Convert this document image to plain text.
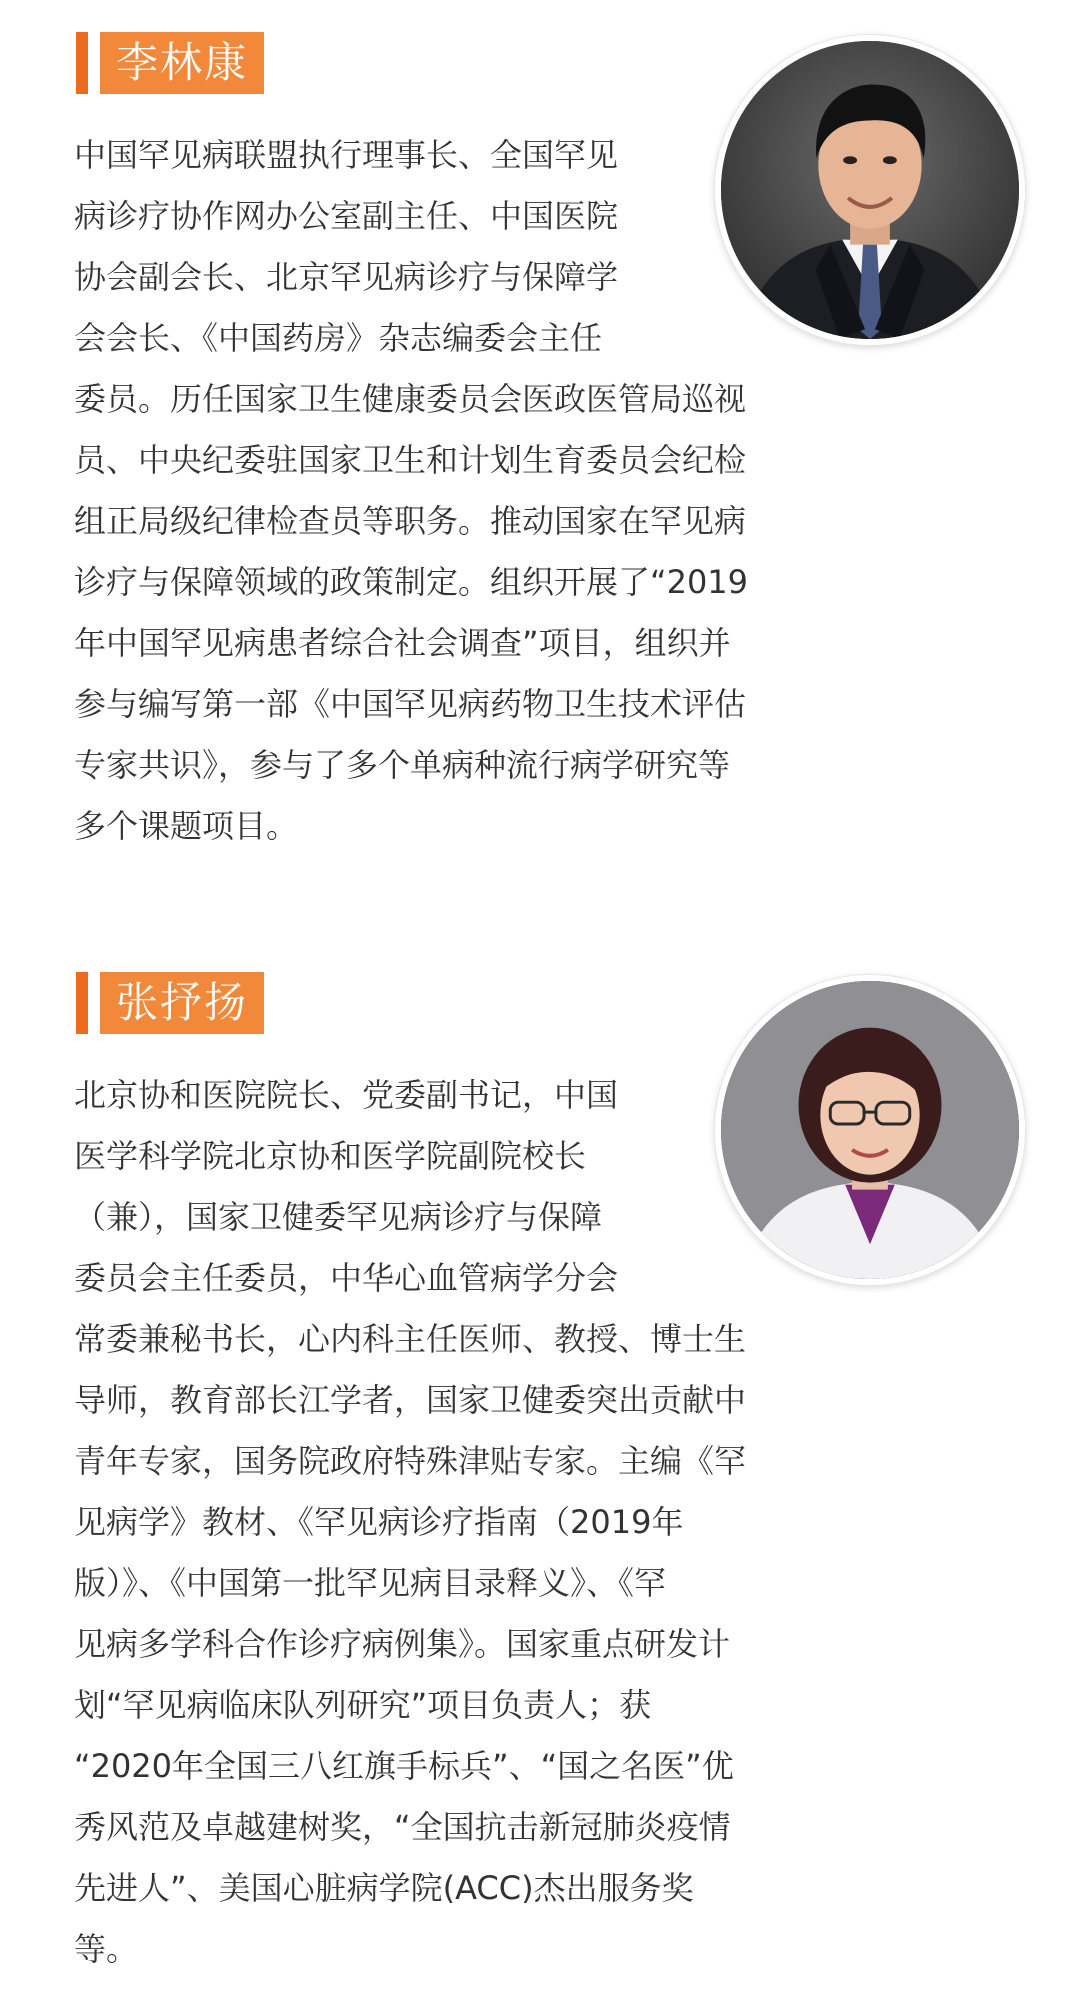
李林康

中国罕见病联盟执行理事长、全国罕见
病诊疗协作网办公室副主任、中国医院
协会副会长、北京罕见病诊疗与保障学
会会长、《中国药房》杂志编委会主任
委员。历任国家卫生健康委员会医政医管局巡视
员、中央纪委驻国家卫生和计划生育委员会纪检
组正局级纪律检查员等职务。推动国家在罕见病
诊疗与保障领域的政策制定。组织开展了“2019
年中国罕见病患者综合社会调查”项目，组织并
参与编写第一部《中国罕见病药物卫生技术评估
专家共识》，参与了多个单病种流行病学研究等
多个课题项目。

张抒扬

北京协和医院院长、党委副书记，中国
医学科学院北京协和医学院副院校长
（兼），国家卫健委罕见病诊疗与保障
委员会主任委员，中华心血管病学分会
常委兼秘书长，心内科主任医师、教授、博士生
导师，教育部长江学者，国家卫健委突出贡献中
青年专家，国务院政府特殊津贴专家。主编《罕
见病学》教材、《罕见病诊疗指南（2019年
版）》、《中国第一批罕见病目录释义》、《罕
见病多学科合作诊疗病例集》。国家重点研发计
划“罕见病临床队列研究”项目负责人；获
“2020年全国三八红旗手标兵”、“国之名医”优
秀风范及卓越建树奖，“全国抗击新冠肺炎疫情
先进人”、美国心脏病学院(ACC)杰出服务奖
等。
